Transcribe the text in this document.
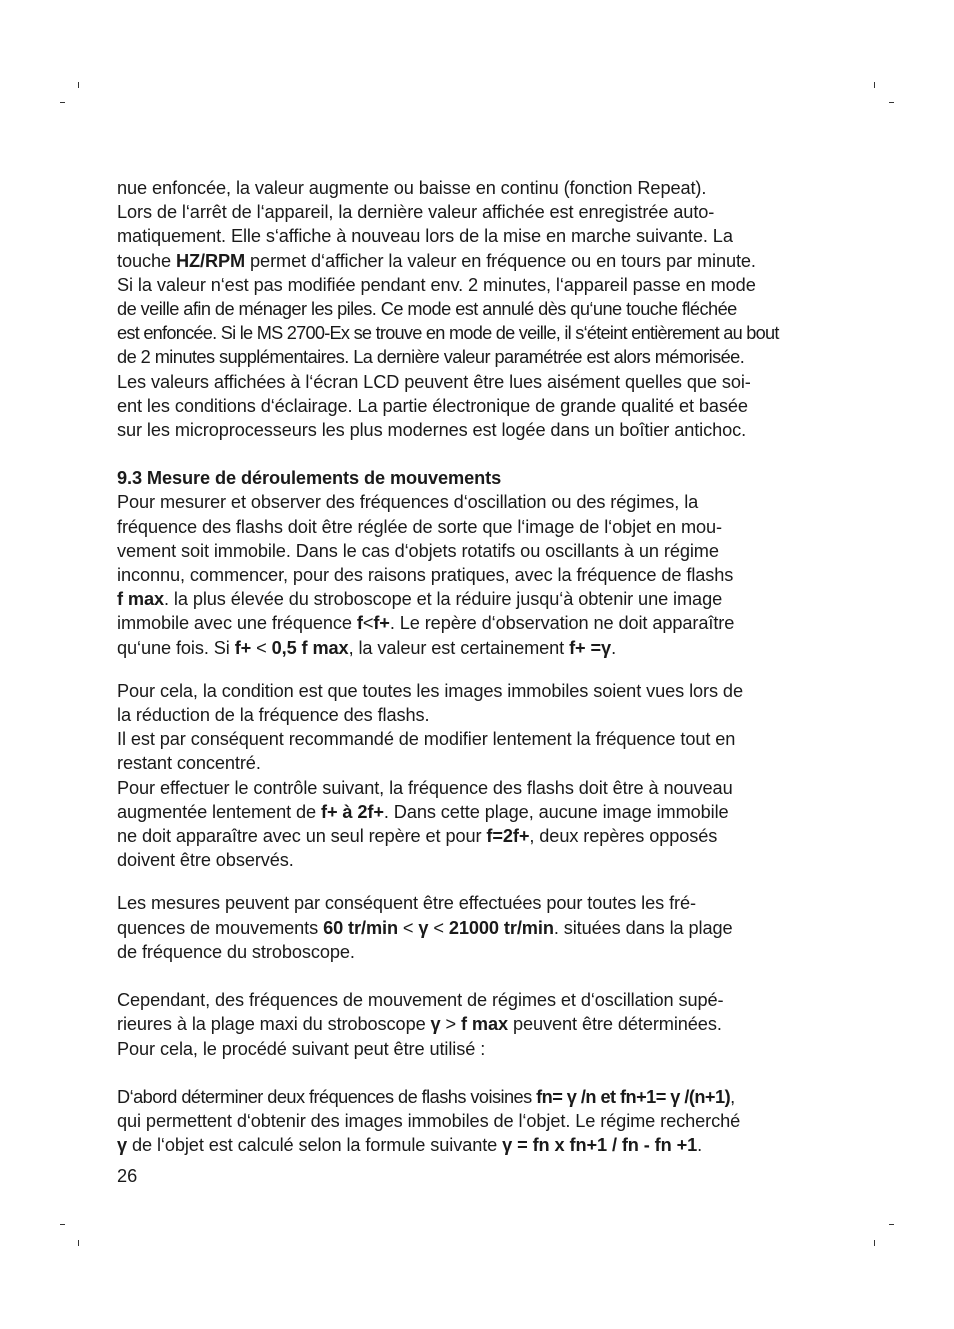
nue enfoncée, la valeur augmente ou baisse en continu (fonction Repeat).

Lors de l‘arrêt de l‘appareil, la dernière valeur affichée est enregistrée auto-

matiquement. Elle s‘affiche à nouveau lors de la mise en marche suivante. La

touche HZ/RPM permet d‘afficher la valeur en fréquence ou en tours par minute.

Si la valeur n‘est pas modifiée pendant env. 2 minutes, l‘appareil passe en mode

de veille afin de ménager les piles. Ce mode est annulé dès qu‘une touche fléchée

est enfoncée. Si le MS 2700-Ex se trouve en mode de veille, il s‘éteint entièrement au bout

de 2 minutes supplémentaires. La dernière valeur paramétrée est alors mémorisée.

Les valeurs affichées à l‘écran LCD peuvent être lues aisément quelles que soi-

ent les conditions d‘éclairage. La partie électronique de grande qualité et basée

sur les microprocesseurs les plus modernes est logée dans un boîtier antichoc.

9.3 Mesure de déroulements de mouvements

Pour mesurer et observer des fréquences d‘oscillation ou des régimes, la

fréquence des flashs doit être réglée de sorte que l‘image de l‘objet en mou-

vement soit immobile. Dans le cas d‘objets rotatifs ou oscillants à un régime

inconnu, commencer, pour des raisons pratiques, avec la fréquence de flashs

f max. la plus élevée du stroboscope et la réduire jusqu‘à obtenir une image

immobile avec une fréquence f<f+. Le repère d‘observation ne doit apparaître

qu‘une fois. Si f+ < 0,5 f max, la valeur est certainement f+ =γ.

Pour cela, la condition est que toutes les images immobiles soient vues lors de

la réduction de la fréquence des flashs.

Il est par conséquent recommandé de modifier lentement la fréquence tout en

restant concentré.

Pour effectuer le contrôle suivant, la fréquence des flashs doit être à nouveau

augmentée lentement de f+ à 2f+. Dans cette plage, aucune image immobile

ne doit apparaître avec un seul repère et pour f=2f+, deux repères opposés

doivent être observés.

Les mesures peuvent par conséquent être effectuées pour toutes les fré-

quences de mouvements 60 tr/min < γ < 21000 tr/min. situées dans la plage

de fréquence du stroboscope.

Cependant, des fréquences de mouvement de régimes et d‘oscillation supé-

rieures à la plage maxi du stroboscope γ > f max peuvent être déterminées.

Pour cela, le procédé suivant peut être utilisé :

D‘abord déterminer deux fréquences de flashs voisines fn= γ /n et fn+1= γ /(n+1),

qui permettent d‘obtenir des images immobiles de l‘objet. Le régime recherché

γ de l‘objet est calculé selon la formule suivante γ = fn x fn+1 / fn - fn +1.

26
